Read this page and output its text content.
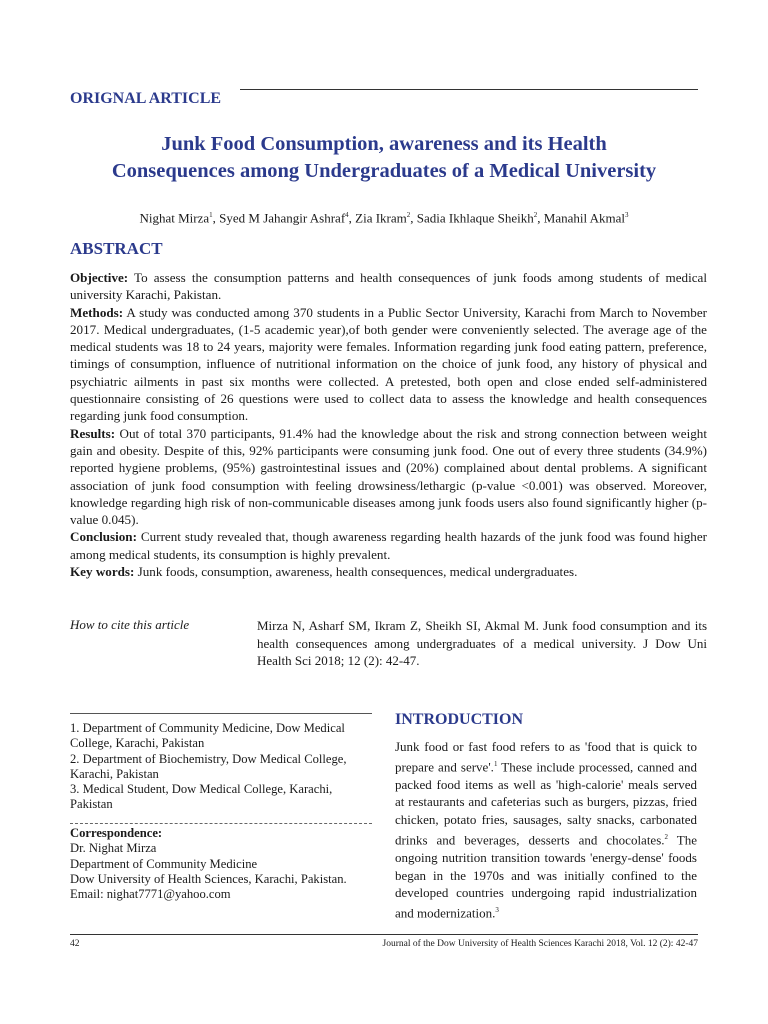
ORIGNAL ARTICLE
Junk Food Consumption, awareness and its Health
Consequences among Undergraduates of a Medical University
Nighat Mirza$^1$, Syed M Jahangir Ashraf$^4$, Zia Ikram$^2$, Sadia Ikhlaque Sheikh$^2$, Manahil Akmal$^3$
ABSTRACT

Objective: To assess the consumption patterns and health consequences of junk foods among students of medical university Karachi, Pakistan.

Methods: A study was conducted among 370 students in a Public Sector University, Karachi from March to November 2017. Medical undergraduates, (1-5 academic year),of both gender were conveniently selected. The average age of the medical students was 18 to 24 years, majority were females. Information regarding junk food eating pattern, preference, timings of consumption, influence of nutritional information on the choice of junk food, any history of physical and psychiatric ailments in past six months were collected. A pretested, both open and close ended self-administered questionnaire consisting of 26 questions were used to collect data to assess the knowledge and health consequences regarding junk food consumption.

Results: Out of total 370 participants, 91.4% had the knowledge about the risk and strong connection between weight gain and obesity. Despite of this, 92% participants were consuming junk food. One out of every three students (34.9%) reported hygiene problems, (95%) gastrointestinal issues and (20%) complained about dental problems. A significant association of junk food consumption with feeling drowsiness/lethargic (p-value <0.001) was observed. Moreover, knowledge regarding high risk of non-communicable diseases among junk foods users also found significantly higher (p-value 0.045).

Conclusion: Current study revealed that, though awareness regarding health hazards of the junk food was found higher among medical students, its consumption is highly prevalent.

Key words: Junk foods, consumption, awareness, health consequences, medical undergraduates.

How to cite this article	Mirza N, Asharf SM, Ikram Z, Sheikh SI, Akmal M. Junk food consumption and its health consequences among undergraduates of a medical university. J Dow Uni Health Sci 2018; 12 (2): 42-47.
1. Department of Community Medicine, Dow Medical College, Karachi, Pakistan
2. Department of Biochemistry, Dow Medical College, Karachi, Pakistan
3. Medical Student, Dow Medical College, Karachi, Pakistan
Correspondence:
Dr. Nighat Mirza
Department of Community Medicine
Dow University of Health Sciences, Karachi, Pakistan.
Email: nighat7771@yahoo.com
INTRODUCTION
Junk food or fast food refers to as 'food that is quick to prepare and serve'.$^1$ These include processed, canned and packed food items as well as 'high-calorie' meals served at restaurants and cafeterias such as burgers, pizzas, fried chicken, potato fries, sausages, salty snacks, carbonated drinks and beverages, desserts and chocolates.$^2$ The ongoing nutrition transition towards 'energy-dense' foods began in the 1970s and was initially confined to the developed countries undergoing rapid industrialization and modernization.$^3$
42	Journal of the Dow University of Health Sciences Karachi 2018, Vol. 12 (2): 42-47
